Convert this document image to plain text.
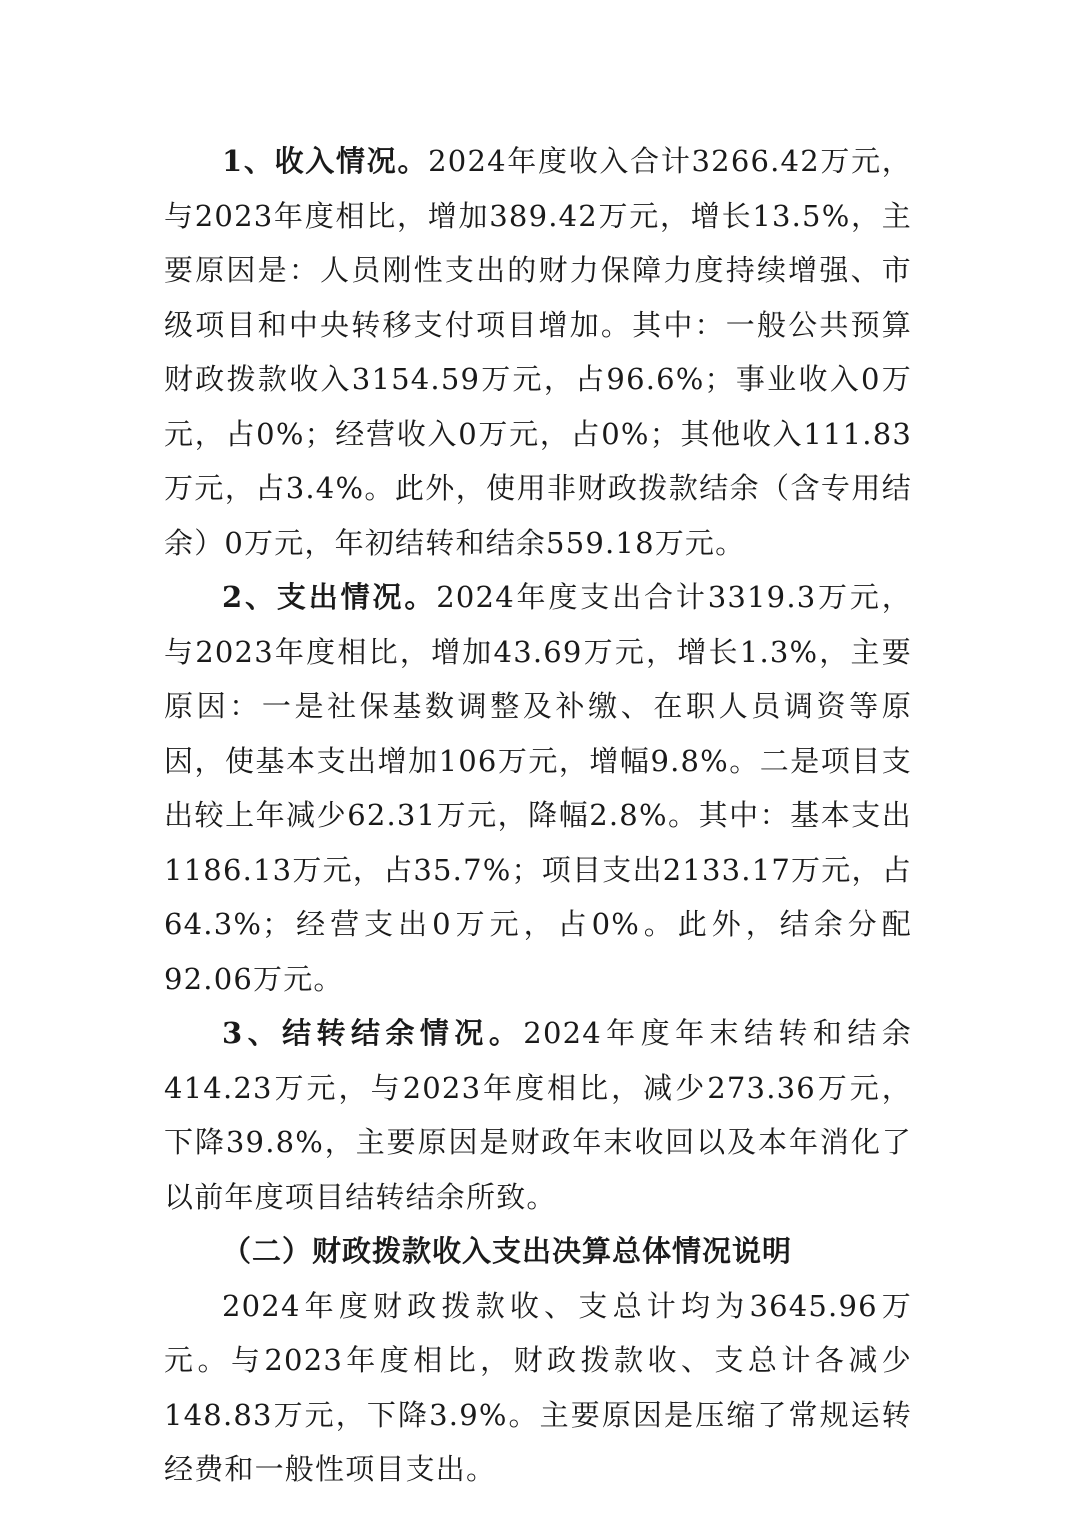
1、收入情况。2024年度收入合计3266.42万元，与2023年度相比，增加389.42万元，增长13.5%，主要原因是：人员刚性支出的财力保障力度持续增强、市级项目和中央转移支付项目增加。其中：一般公共预算财政拨款收入3154.59万元，占96.6%；事业收入0万元，占0%；经营收入0万元，占0%；其他收入111.83万元，占3.4%。此外，使用非财政拨款结余（含专用结余）0万元，年初结转和结余559.18万元。

2、支出情况。2024年度支出合计3319.3万元，与2023年度相比，增加43.69万元，增长1.3%，主要原因：一是社保基数调整及补缴、在职人员调资等原因，使基本支出增加106万元，增幅9.8%。二是项目支出较上年减少62.31万元，降幅2.8%。其中：基本支出1186.13万元，占35.7%；项目支出2133.17万元，占64.3%；经营支出0万元，占0%。此外，结余分配92.06万元。

3、结转结余情况。2024年度年末结转和结余414.23万元，与2023年度相比，减少273.36万元，下降39.8%，主要原因是财政年末收回以及本年消化了以前年度项目结转结余所致。

（二）财政拨款收入支出决算总体情况说明

2024年度财政拨款收、支总计均为3645.96万元。与2023年度相比，财政拨款收、支总计各减少148.83万元，下降3.9%。主要原因是压缩了常规运转经费和一般性项目支出。
